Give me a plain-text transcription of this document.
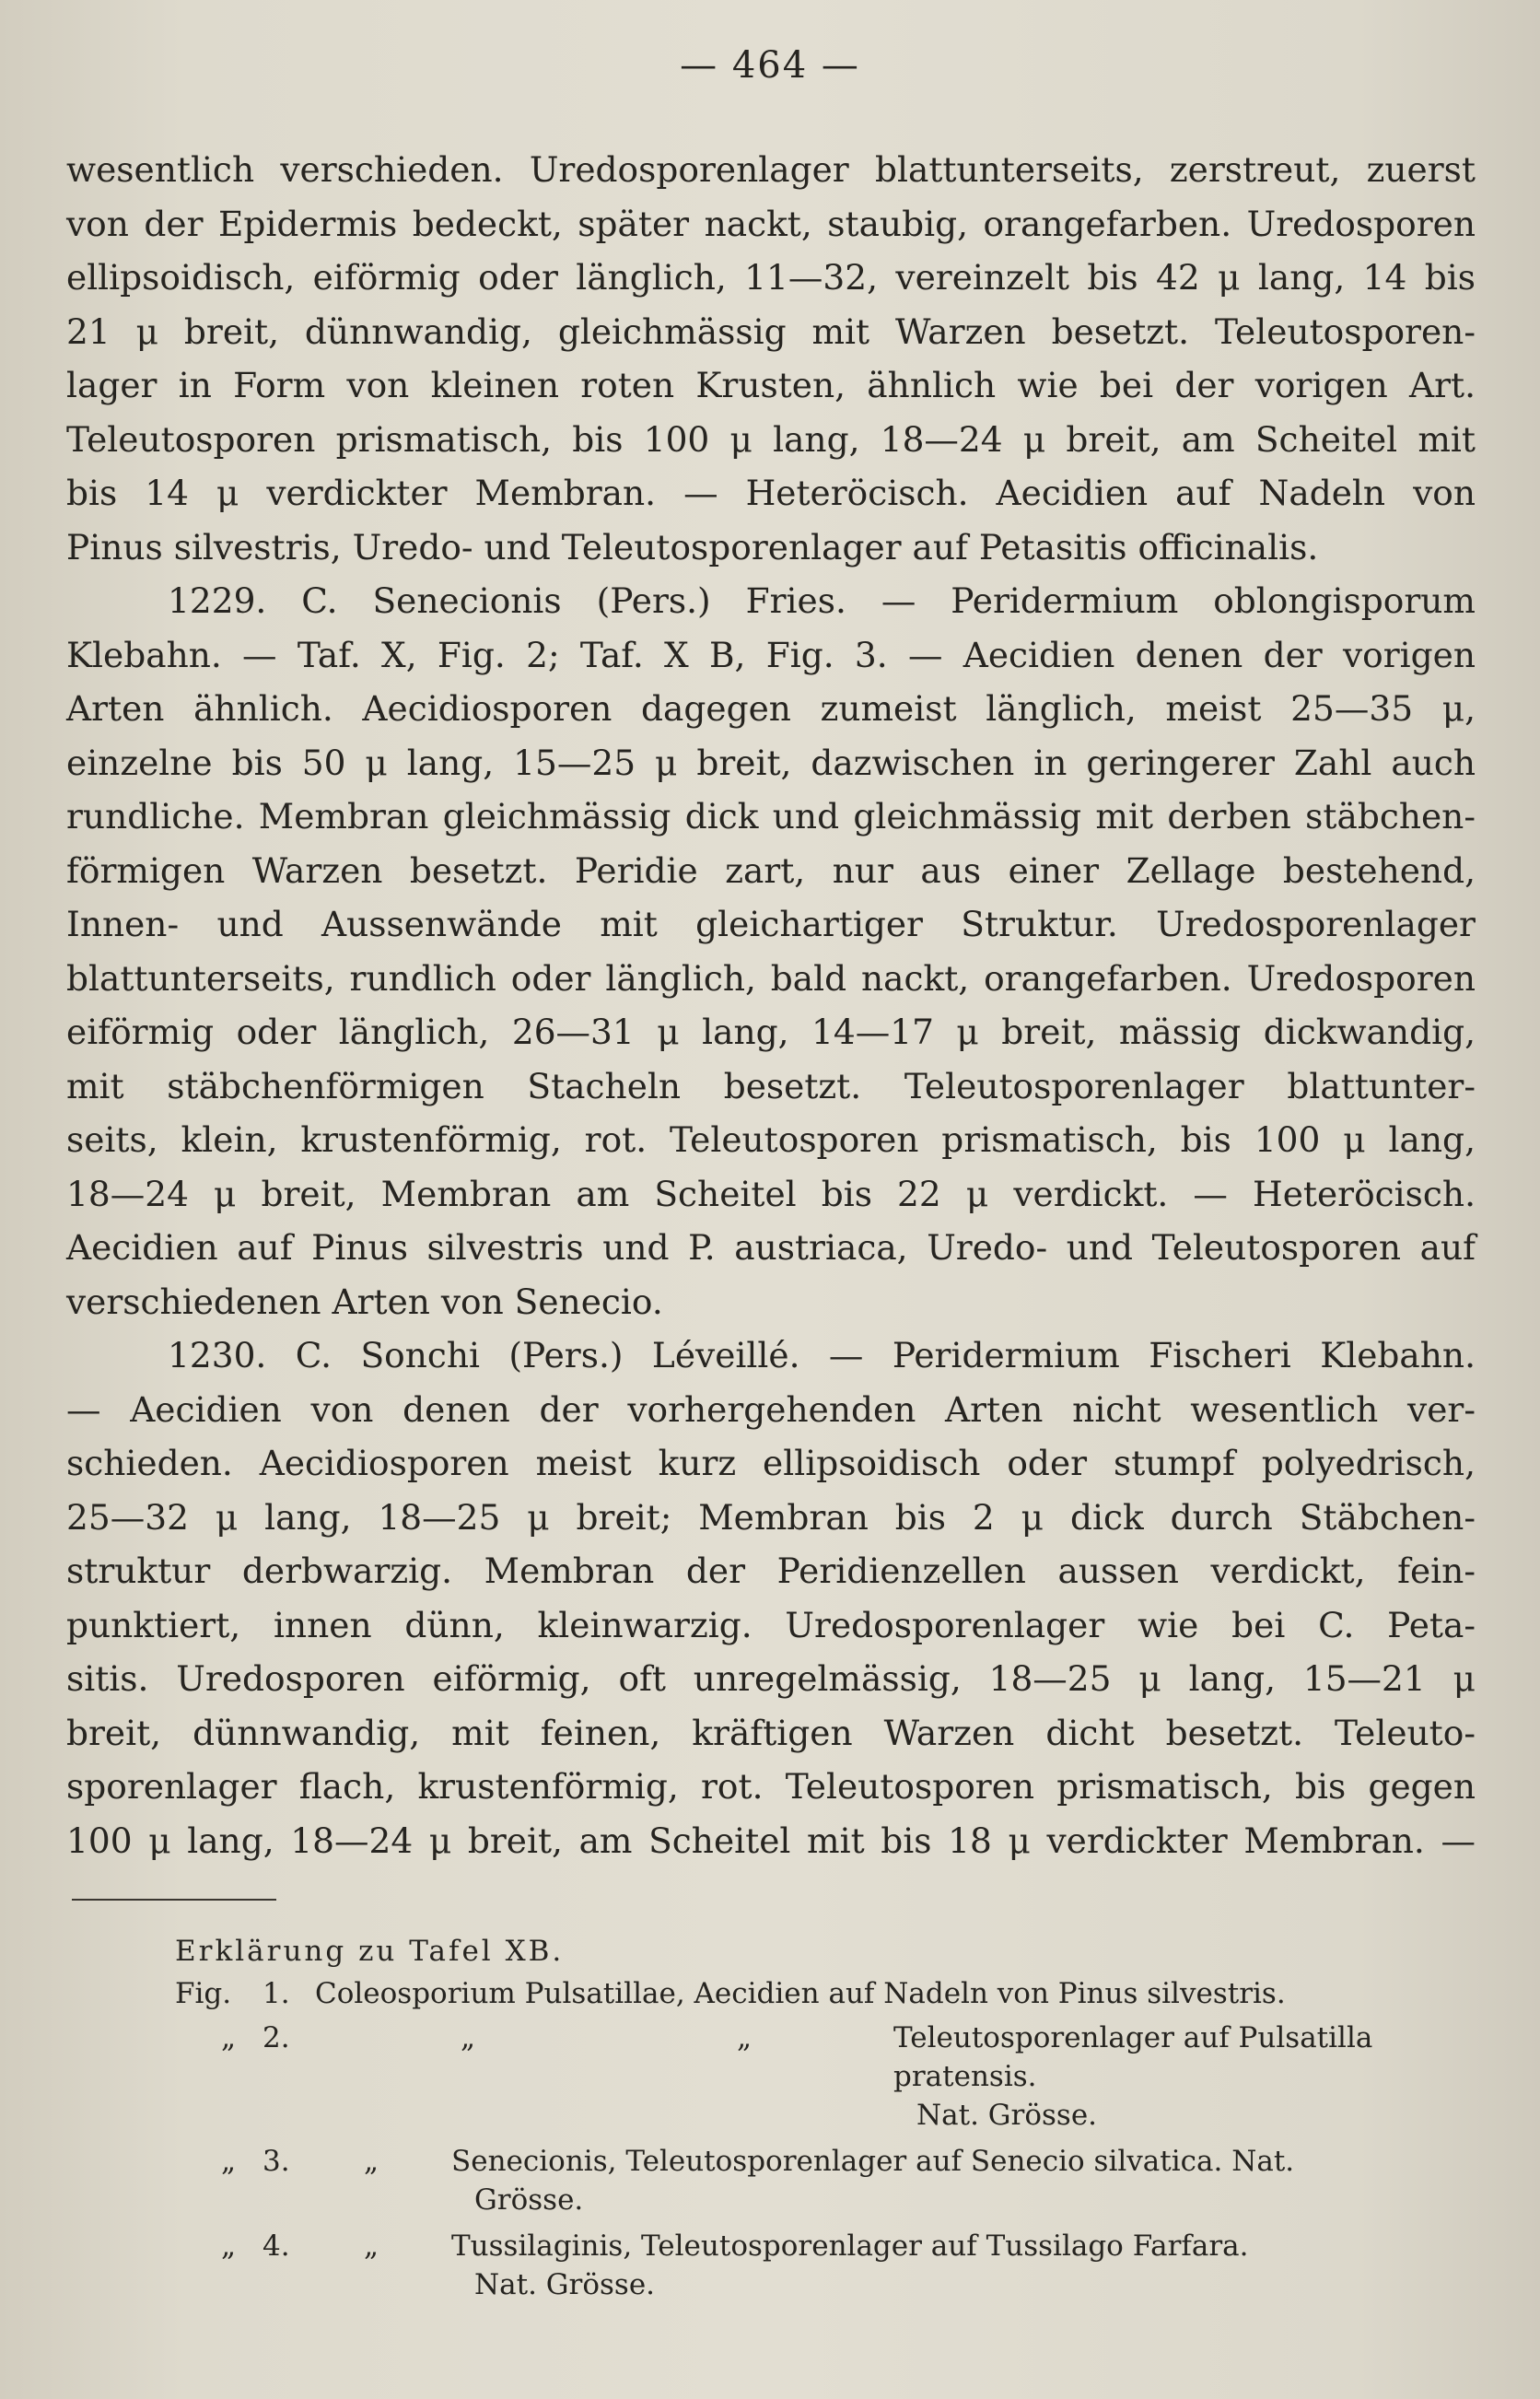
— 464 —
wesentlich verschieden. Uredosporenlager blattunterseits, zerstreut, zuerst
von der Epidermis bedeckt, später nackt, staubig, orangefarben. Uredosporen
ellipsoidisch, eiförmig oder länglich, 11—32, vereinzelt bis 42 μ lang, 14 bis
21 μ breit, dünnwandig, gleichmässig mit Warzen besetzt. Teleutosporen-
lager in Form von kleinen roten Krusten, ähnlich wie bei der vorigen Art.
Teleutosporen prismatisch, bis 100 μ lang, 18—24 μ breit, am Scheitel mit
bis 14 μ verdickter Membran. — Heteröcisch. Aecidien auf Nadeln von
Pinus silvestris, Uredo- und Teleutosporenlager auf Petasitis officinalis.
1229. C. Senecionis (Pers.) Fries. — Peridermium oblongisporum
Klebahn. — Taf. X, Fig. 2; Taf. X B, Fig. 3. — Aecidien denen der vorigen
Arten ähnlich. Aecidiosporen dagegen zumeist länglich, meist 25—35 μ,
einzelne bis 50 μ lang, 15—25 μ breit, dazwischen in geringerer Zahl auch
rundliche. Membran gleichmässig dick und gleichmässig mit derben stäbchen-
förmigen Warzen besetzt. Peridie zart, nur aus einer Zellage bestehend,
Innen- und Aussenwände mit gleichartiger Struktur. Uredosporenlager
blattunterseits, rundlich oder länglich, bald nackt, orangefarben. Uredosporen
eiförmig oder länglich, 26—31 μ lang, 14—17 μ breit, mässig dickwandig,
mit stäbchenförmigen Stacheln besetzt. Teleutosporenlager blattunter-
seits, klein, krustenförmig, rot. Teleutosporen prismatisch, bis 100 μ lang,
18—24 μ breit, Membran am Scheitel bis 22 μ verdickt. — Heteröcisch.
Aecidien auf Pinus silvestris und P. austriaca, Uredo- und Teleutosporen auf
verschiedenen Arten von Senecio.
1230. C. Sonchi (Pers.) Léveillé. — Peridermium Fischeri Klebahn.
— Aecidien von denen der vorhergehenden Arten nicht wesentlich ver-
schieden. Aecidiosporen meist kurz ellipsoidisch oder stumpf polyedrisch,
25—32 μ lang, 18—25 μ breit; Membran bis 2 μ dick durch Stäbchen-
struktur derbwarzig. Membran der Peridienzellen aussen verdickt, fein-
punktiert, innen dünn, kleinwarzig. Uredosporenlager wie bei C. Peta-
sitis. Uredosporen eiförmig, oft unregelmässig, 18—25 μ lang, 15—21 μ
breit, dünnwandig, mit feinen, kräftigen Warzen dicht besetzt. Teleuto-
sporenlager flach, krustenförmig, rot. Teleutosporen prismatisch, bis gegen
100 μ lang, 18—24 μ breit, am Scheitel mit bis 18 μ verdickter Membran. —
Erklärung zu Tafel XB.
Fig.	1. Coleosporium Pulsatillae, Aecidien auf Nadeln von Pinus silvestris.
„ 2.	„	„	Teleutosporenlager auf Pulsatilla pratensis.
Nat. Grösse.
„ 3.	„	Senecionis, Teleutosporenlager auf Senecio silvatica. Nat.
Grösse.
„ 4.	„	Tussilaginis, Teleutosporenlager auf Tussilago Farfara.
Nat. Grösse.
